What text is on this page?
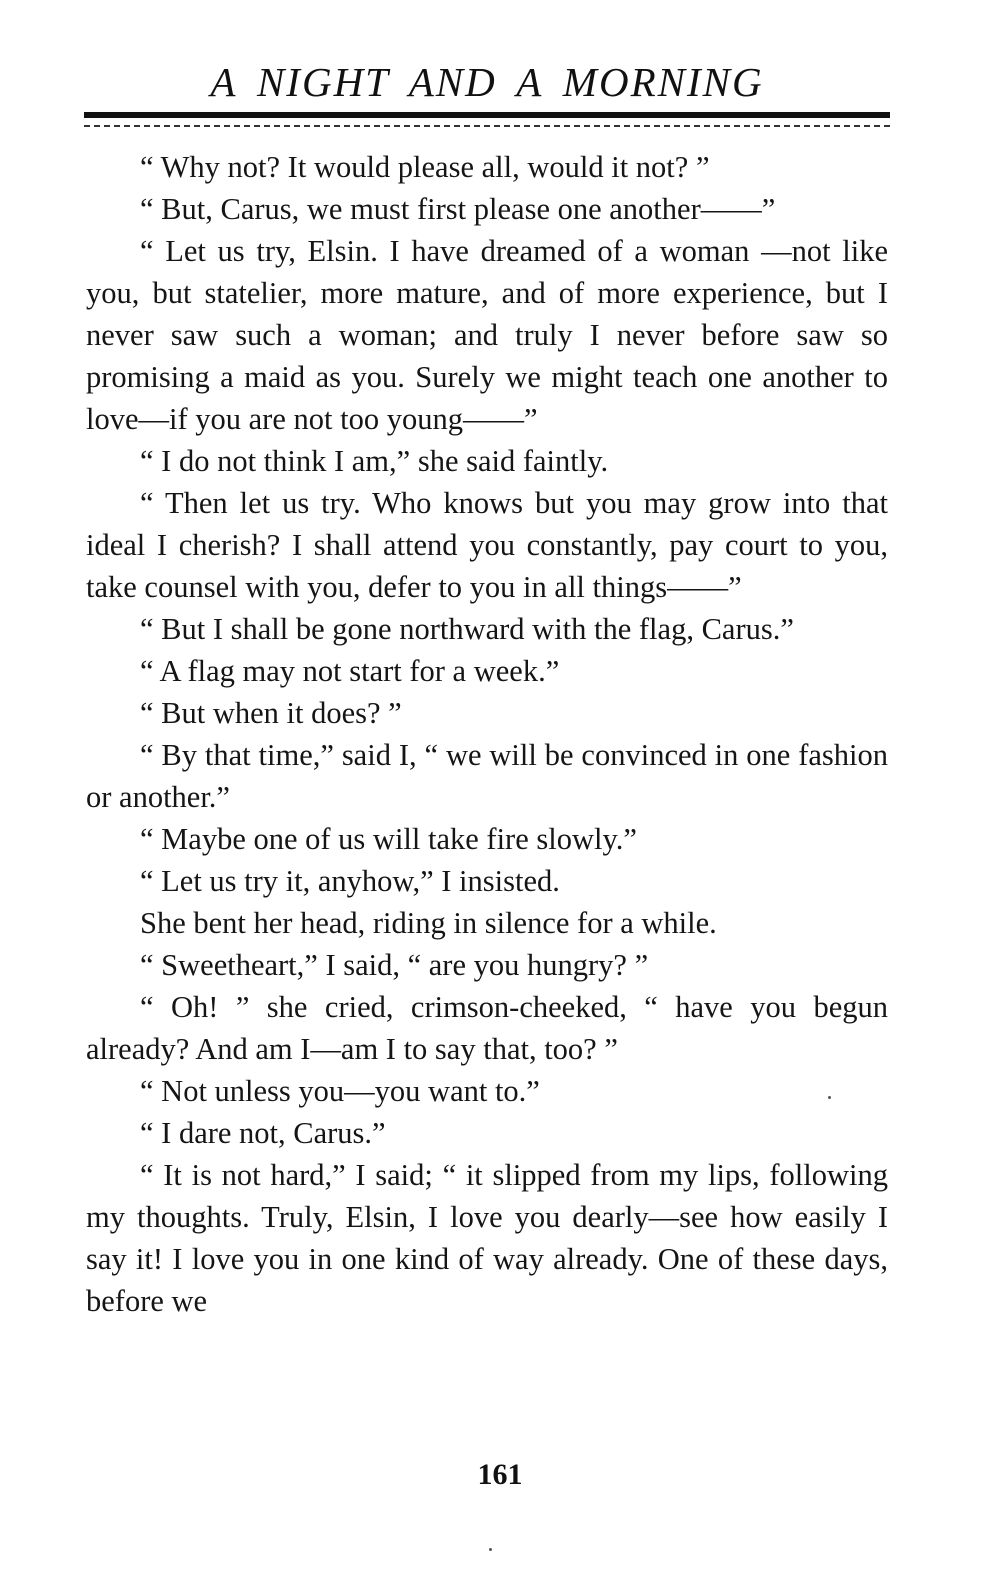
A NIGHT AND A MORNING

“ Why not? It would please all, would it not? ”

“ But, Carus, we must first please one another——”

“ Let us try, Elsin. I have dreamed of a woman —not like you, but statelier, more mature, and of more experience, but I never saw such a woman; and truly I never before saw so promising a maid as you. Surely we might teach one another to love—if you are not too young——”

“ I do not think I am,” she said faintly.

“ Then let us try. Who knows but you may grow into that ideal I cherish? I shall attend you constantly, pay court to you, take counsel with you, defer to you in all things——”

“ But I shall be gone northward with the flag, Carus.”

“ A flag may not start for a week.”

“ But when it does? ”

“ By that time,” said I, “ we will be convinced in one fashion or another.”

“ Maybe one of us will take fire slowly.”

“ Let us try it, anyhow,” I insisted.

She bent her head, riding in silence for a while.

“ Sweetheart,” I said, “ are you hungry? ”

“ Oh! ” she cried, crimson-cheeked, “ have you begun already? And am I—am I to say that, too? ”

“ Not unless you—you want to.”

“ I dare not, Carus.”

“ It is not hard,” I said; “ it slipped from my lips, following my thoughts. Truly, Elsin, I love you dearly—see how easily I say it! I love you in one kind of way already. One of these days, before we

161
